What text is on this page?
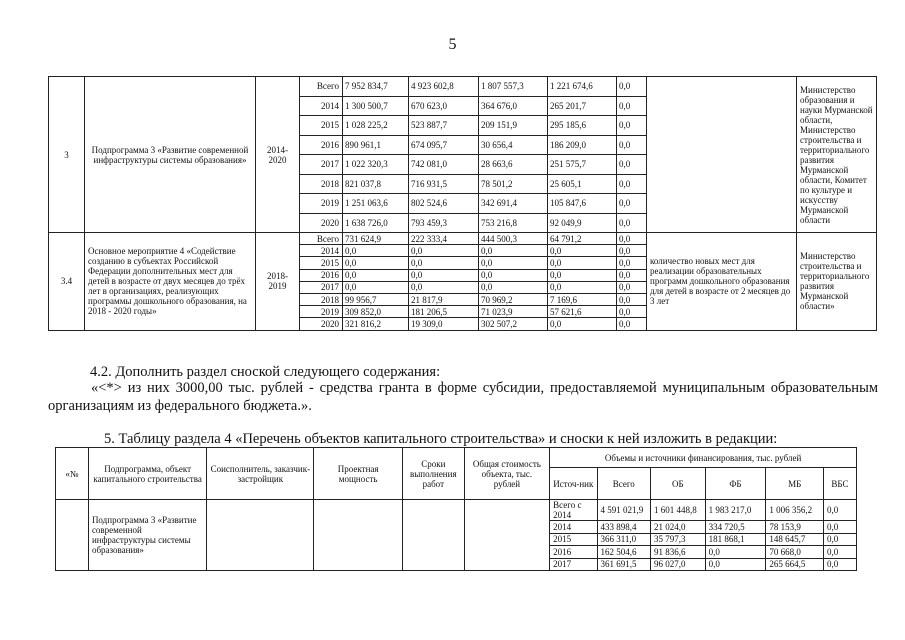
5
3	Подпрограмма 3 «Развитие современной инфраструктуры системы образования»	2014-2020	Всего	7 952 834,7	4 923 602,8	1 807 557,3	1 221 674,6	0,0		Министерство образования и науки Мурманской области, Министерство строительства и территориального развития Мурманской области, Комитет по культуре и искусству Мурманской области
			2014	1 300 500,7	670 623,0	364 676,0	265 201,7	0,0		
			2015	1 028 225,2	523 887,7	209 151,9	295 185,6	0,0		
			2016	890 961,1	674 095,7	30 656,4	186 209,0	0,0		
			2017	1 022 320,3	742 081,0	28 663,6	251 575,7	0,0		
			2018	821 037,8	716 931,5	78 501,2	25 605,1	0,0		
			2019	1 251 063,6	802 524,6	342 691,4	105 847,6	0,0		
			2020	1 638 726,0	793 459,3	753 216,8	92 049,9	0,0		
3.4	Основное мероприятие 4 «Содействие созданию в субъектах Российской Федерации дополнительных мест для детей в возрасте от двух месяцев до трёх лет в организациях, реализующих программы дошкольного образования, на 2018 - 2020 годы»	2018-2019	Всего	731 624,9	222 333,4	444 500,3	64 791,2	0,0	количество новых мест для реализации образовательных программ дошкольного образования для детей в возрасте от 2 месяцев до 3 лет	Министерство строительства и территориального развития Мурманской области»
			2014	0,0	0,0	0,0	0,0	0,0		
			2015	0,0	0,0	0,0	0,0	0,0		
			2016	0,0	0,0	0,0	0,0	0,0		
			2017	0,0	0,0	0,0	0,0	0,0		
			2018	99 956,7	21 817,9	70 969,2	7 169,6	0,0		
			2019	309 852,0	181 206,5	71 023,9	57 621,6	0,0		
			2020	321 816,2	19 309,0	302 507,2	0,0	0,0		
4.2. Дополнить раздел сноской следующего содержания:
«<*> из них 3000,00 тыс. рублей - средства гранта в форме субсидии, предоставляемой муниципальным образовательным организациям из федерального бюджета.».
5. Таблицу раздела 4 «Перечень объектов капитального строительства» и сноски к ней изложить в редакции:
«№	Подпрограмма, объект капитального строительства	Соисполнитель, заказчик-застройщик	Проектная мощность	Сроки выполнения работ	Общая стоимость объекта, тыс. рублей	Объемы и источники финансирования, тыс. рублей					
						Источ-ник	Всего	ОБ	ФБ	МБ	ВБС
	Подпрограмма 3 «Развитие современной инфраструктуры системы образования»					Всего с 2014	4 591 021,9	1 601 448,8	1 983 217,0	1 006 356,2	0,0
						2014	433 898,4	21 024,0	334 720,5	78 153,9	0,0
						2015	366 311,0	35 797,3	181 868,1	148 645,7	0,0
						2016	162 504,6	91 836,6	0,0	70 668,0	0,0
						2017	361 691,5	96 027,0	0,0	265 664,5	0,0
